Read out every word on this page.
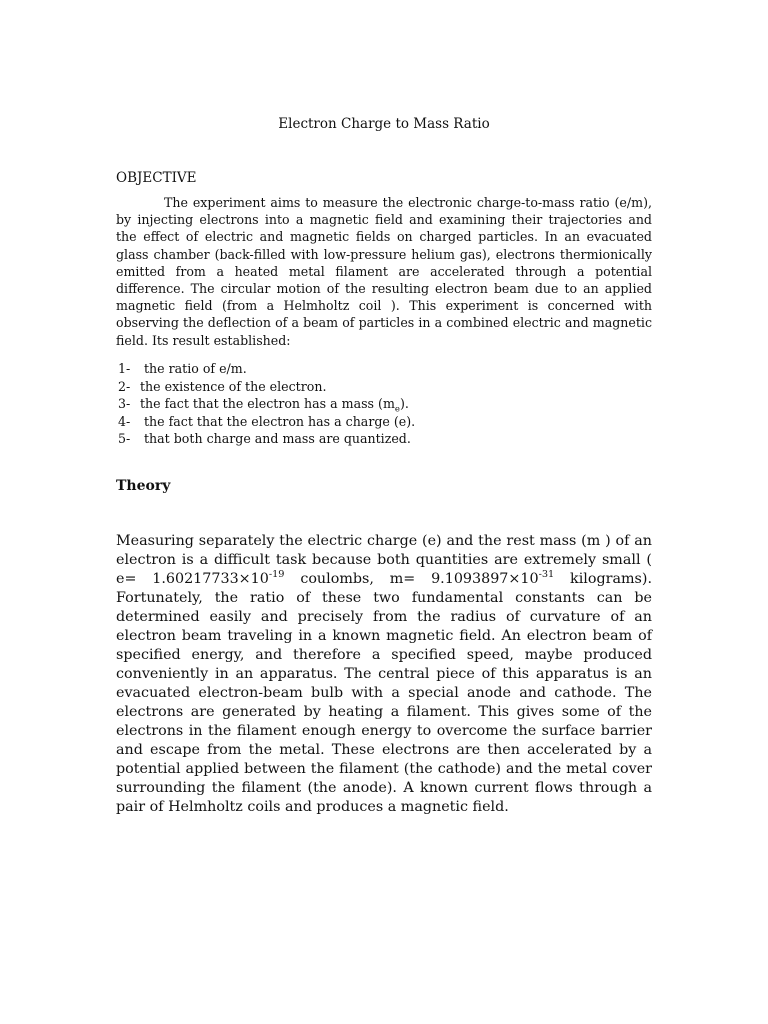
Electron Charge to Mass Ratio
OBJECTIVE

The experiment aims to measure the electronic charge-to-mass ratio (e/m), by injecting electrons into a magnetic field and examining their trajectories and the effect of electric and magnetic fields on charged particles. In an evacuated glass chamber (back-filled with low-pressure helium gas), electrons thermionically emitted from a heated metal filament are accelerated through a potential difference. The circular motion of the resulting electron beam due to an applied magnetic field (from a Helmholtz coil ). This experiment is concerned with observing the deflection of a beam of particles in a combined electric and magnetic field. Its result established:

1- the ratio of e/m.
2- the existence of the electron.
3- the fact that the electron has a mass $(m_e)$.
4- the fact that the electron has a charge (e).
5- that both charge and mass are quantized.
Theory

Measuring separately the electric charge (e) and the rest mass (m ) of an electron is a difficult task because both quantities are extremely small ( $e= 1.60217733\times 10^{-19}$ coulombs, $m= 9.1093897\times 10^{-31}$ kilograms). Fortunately, the ratio of these two fundamental constants can be determined easily and precisely from the radius of curvature of an electron beam traveling in a known magnetic field. An electron beam of specified energy, and therefore a specified speed, maybe produced conveniently in an apparatus. The central piece of this apparatus is an evacuated electron-beam bulb with a special anode and cathode. The electrons are generated by heating a filament. This gives some of the electrons in the filament enough energy to overcome the surface barrier and escape from the metal. These electrons are then accelerated by a potential applied between the filament (the cathode) and the metal cover surrounding the filament (the anode). A known current flows through a pair of Helmholtz coils and produces a magnetic field.
